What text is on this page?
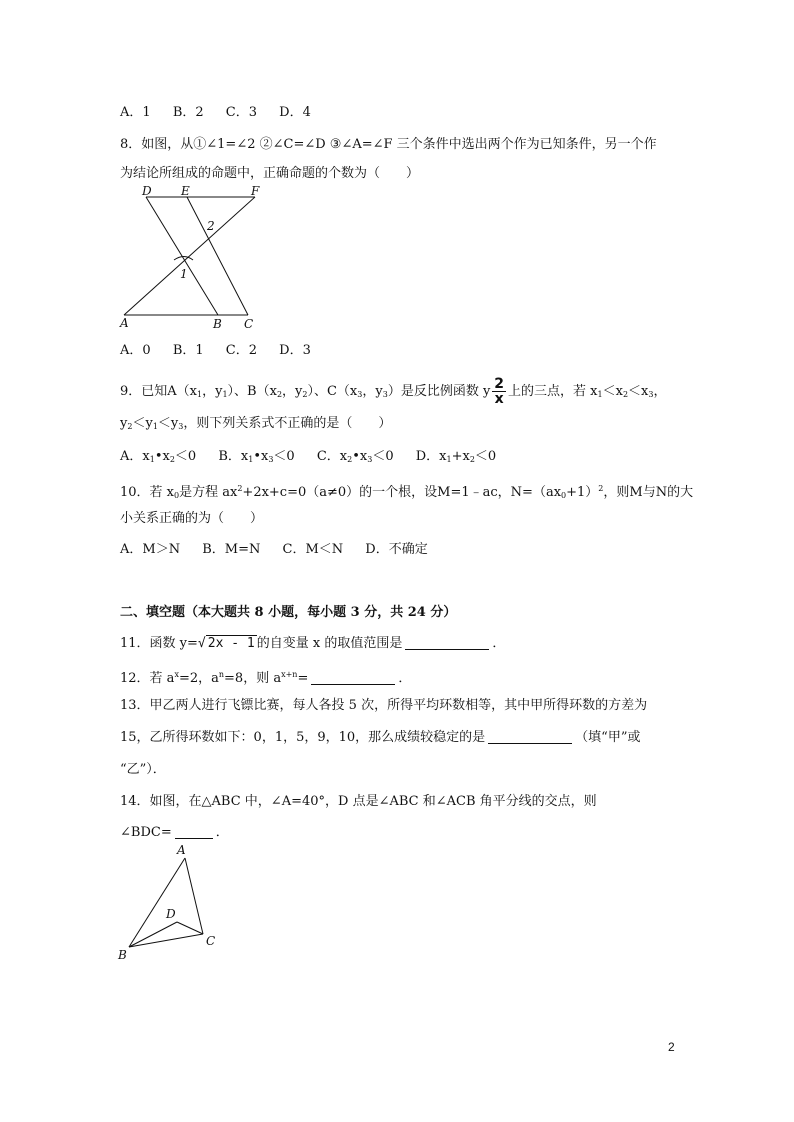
A．1 B．2 C．3 D．4
8．如图，从①∠1=∠2 ②∠C=∠D ③∠A=∠F 三个条件中选出两个作为已知条件，另一个作
为结论所组成的命题中，正确命题的个数为（　　）
D E	F
2
1
A	B C
A．0 B．1 C．2 D．3
9．已知$A(x_1$，$y_1$）、$B(x_2$，$y_2$）、$C(x_3$，$y_3$）是反比例函数 y $\frac{2}{x}$ 上的三点，若 $x_1<x_2<x_3$，
$y_2<y_1<y_3$，则下列关系式不正确的是（　　）
A．$x_1•x_2<0$ B．$x_1•x_3<0$ C．$x_2•x_3<0$ D．$x_1+x_2<0$
10．若 $x_0$是方程 $ax^2+2x+c=0(a\ne 0)$的一个根，设M=1﹣ac，$N=(ax_0+1)^2$，则M与N的大
小关系正确的为（　　）
A．M＞N B．M=N C．M＜N D．不确定
二、填空题（本大题共 8 小题，每小题 3 分，共 24 分）
11．函数 y=√ 2x - 1 的自变量 x 的取值范围是	．
12．若 $a^x=2$，$a^n=8$，则 $a^{x+n}=$	．
13．甲乙两人进行飞镖比赛，每人各投 5 次，所得平均环数相等，其中甲所得环数的方差为
15，乙所得环数如下：0，1，5，9，10，那么成绩较稳定的是	（填“甲”或
“乙”）．
14．如图，在△ABC 中，∠A=40°，D 点是∠ABC 和∠ACB 角平分线的交点，则
∠BDC=	．
A
D
B
C
2
